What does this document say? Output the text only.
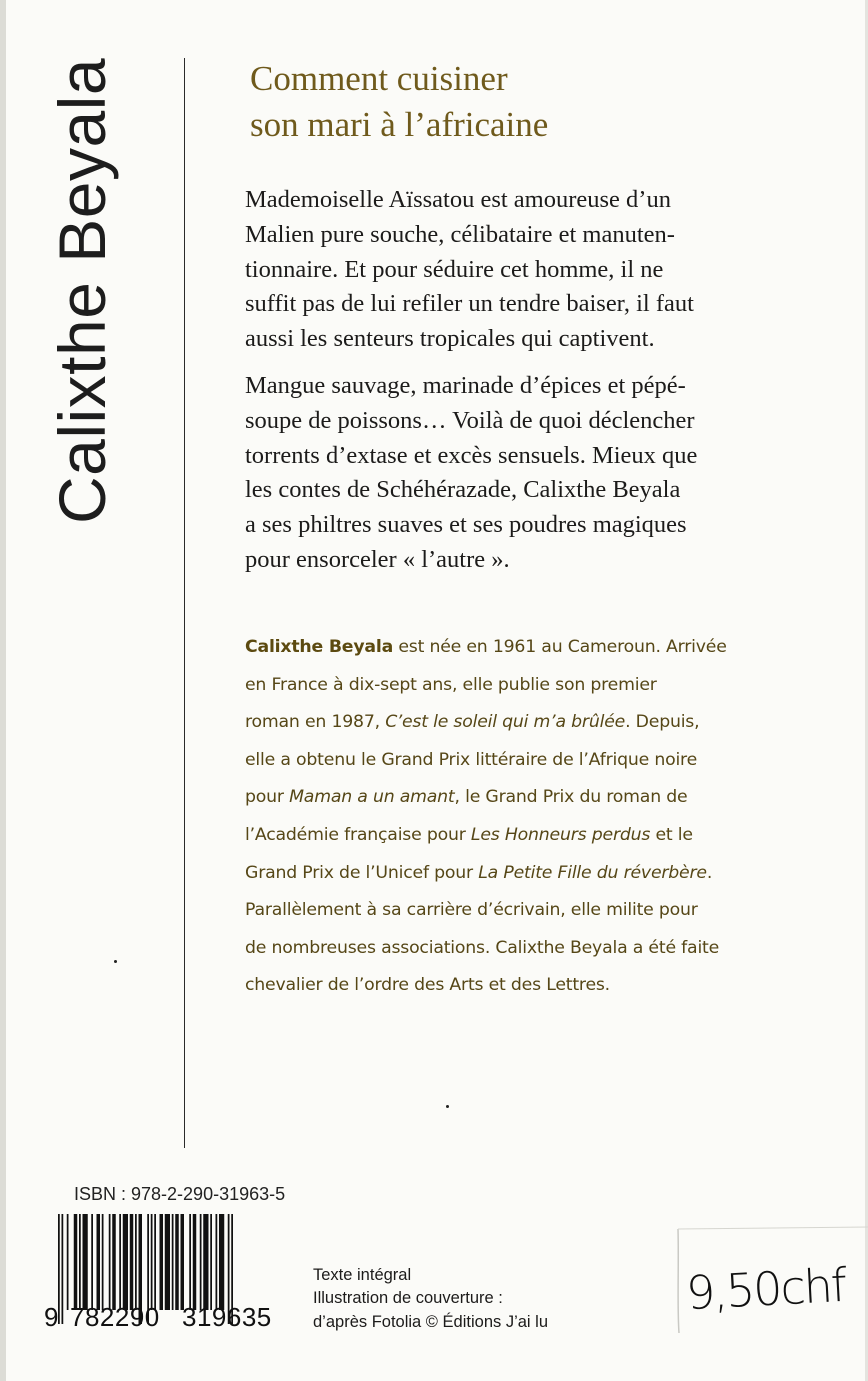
Calixthe Beyala	Comment cuisiner
son mari à l’africaine

Mademoiselle Aïssatou est amoureuse d’un
Malien pure souche, célibataire et manuten-
tionnaire. Et pour séduire cet homme, il ne
suffit pas de lui refiler un tendre baiser, il faut
aussi les senteurs tropicales qui captivent.

Mangue sauvage, marinade d’épices et pépé-
soupe de poissons… Voilà de quoi déclencher
torrents d’extase et excès sensuels. Mieux que
les contes de Schéhérazade, Calixthe Beyala
a ses philtres suaves et ses poudres magiques
pour ensorceler « l’autre ».

Calixthe Beyala est née en 1961 au Cameroun. Arrivée
en France à dix-sept ans, elle publie son premier
roman en 1987, C’est le soleil qui m’a brûlée. Depuis,
elle a obtenu le Grand Prix littéraire de l’Afrique noire
pour Maman a un amant, le Grand Prix du roman de
l’Académie française pour Les Honneurs perdus et le
Grand Prix de l’Unicef pour La Petite Fille du réverbère.
Parallèlement à sa carrière d’écrivain, elle milite pour
de nombreuses associations. Calixthe Beyala a été faite
chevalier de l’ordre des Arts et des Lettres.

ISBN : 978-2-290-31963-5

9 782290 319635

Texte intégral
Illustration de couverture :
d’après Fotolia © Éditions J’ai lu

9,50chf
